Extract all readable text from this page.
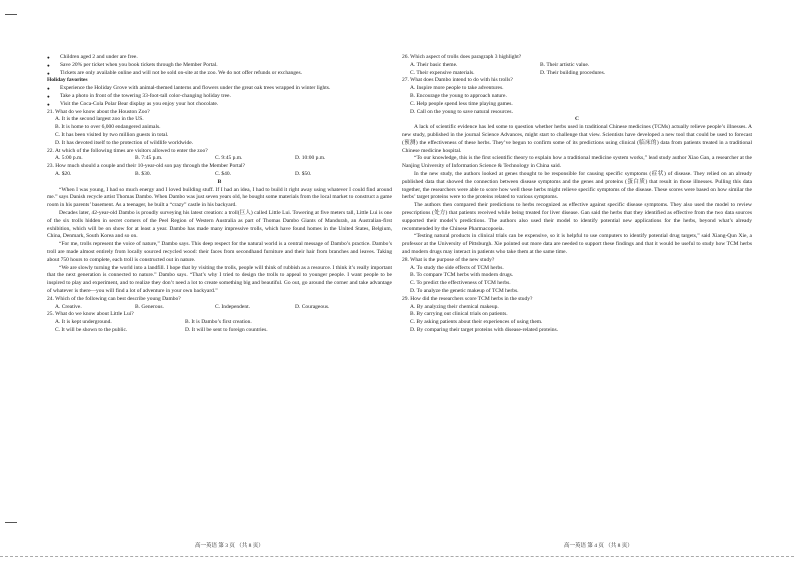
● Children aged 2 and under are free.
● Save 20% per ticket when you book tickets through the Member Portal.
● Tickets are only available online and will not be sold on-site at the zoo. We do not offer refunds or exchanges.
Holiday favorites
● Experience the Holiday Grove with animal-themed lanterns and flowers under the great oak trees wrapped in winter lights.
● Take a photo in front of the towering 33-foot-tall color-changing holiday tree.
● Visit the Coca-Cola Polar Bear display as you enjoy your hot chocolate.
21. What do we know about the Houston Zoo?
A. It is the second largest zoo in the US.
B. It is home to over 6,000 endangered animals.
C. It has been visited by two million guests in total.
D. It has devoted itself to the protection of wildlife worldwide.
22. At which of the following times are visitors allowed to enter the zoo?
A. 5:00 p.m.	B. 7:45 p.m.	C. 9:45 p.m.	D. 10:00 p.m.
23. How much should a couple and their 10-year-old son pay through the Member Portal?
A. $20.	B. $30.	C. $40.	D. $50.
B
“When I was young, I had so much energy and I loved building stuff. If I had an idea, I had to build it right away using whatever I could find around me.” says Danish recycle artist Thomas Dambo. When Dambo was just seven years old, he bought some materials from the local market to construct a game room in his parents’ basement. As a teenager, he built a “crazy” castle in his backyard.
Decades later, 42-year-old Dambo is proudly surveying his latest creation: a troll(巨人) called Little Lui. Towering at five meters tall, Little Lui is one of the six trolls hidden in secret corners of the Peel Region of Western Australia as part of Thomas Dambo Giants of Mandurah, an Australian-first exhibition, which will be on show for at least a year. Dambo has made many impressive trolls, which have found homes in the United States, Belgium, China, Denmark, South Korea and so on.
“For me, trolls represent the voice of nature,” Dambo says. This deep respect for the natural world is a central message of Dambo’s practice. Dambo’s troll are made almost entirely from locally sourced recycled wood: their faces from secondhand furniture and their hair from branches and leaves. Taking about 750 hours to complete, each troll is constructed out in nature.
“We are slowly turning the world into a landfill. I hope that by visiting the trolls, people will think of rubbish as a resource. I think it’s really important that the next generation is connected to nature.” Dambo says. “That’s why I tried to design the trolls to appeal to younger people. I want people to be inspired to play and experiment, and to realize they don’t need a lot to create something big and beautiful. Go out, go around the corner and take advantage of whatever is there—you will find a lot of adventure in your own backyard.”
24. Which of the following can best describe young Dambo?
A. Creative.	B. Generous.	C. Independent.	D. Courageous.
25. What do we know about Little Lui?
A. It is kept underground.	B. It is Dambo’s first creation.
C. It will be shown to the public.	D. It will be sent to foreign countries.
26. Which aspect of trolls does paragraph 3 highlight?
A. Their basic theme.	B. Their artistic value.
C. Their expensive materials.	D. Their building procedures.
27. What does Dambo intend to do with his trolls?
A. Inspire more people to take adventures.
B. Encourage the young to approach nature.
C. Help people spend less time playing games.
D. Call on the young to save natural resources.
C
A lack of scientific evidence has led some to question whether herbs used in traditional Chinese medicines (TCMs) actually relieve people’s illnesses. A new study, published in the journal Science Advances, might start to challenge that view. Scientists have developed a new tool that could be used to forecast (预测) the effectiveness of these herbs. They’ve begun to confirm some of its predictions using clinical (临床的) data from patients treated in a traditional Chinese medicine hospital.
“To our knowledge, this is the first scientific theory to explain how a traditional medicine system works,” lead study author Xiao Gan, a researcher at the Nanjing University of Information Science & Technology in China said.
In the new study, the authors looked at genes thought to be responsible for causing specific symptoms (症状) of disease. They relied on an already published data that showed the connection between disease symptoms and the genes and proteins (蛋白质) that result in those illnesses. Pulling this data together, the researchers were able to score how well these herbs might relieve specific symptoms of the disease. These scores were based on how similar the herbs’ target proteins were to the proteins related to various symptoms.
The authors then compared their predictions to herbs recognized as effective against specific disease symptoms. They also used the model to review prescriptions (处方) that patients received while being treated for liver disease. Gan said the herbs that they identified as effective from the two data sources supported their model’s predictions. The authors also used their model to identify potential new applications for the herbs, beyond what’s already recommended by the Chinese Pharmacopoeia.
“Testing natural products in clinical trials can be expensive, so it is helpful to use computers to identify potential drug targets,” said Xiang-Qun Xie, a professor at the University of Pittsburgh. Xie pointed out more data are needed to support these findings and that it would be useful to study how TCM herbs and modern drugs may interact in patients who take them at the same time.
28. What is the purpose of the new study?
A. To study the side effects of TCM herbs.
B. To compare TCM herbs with modern drugs.
C. To predict the effectiveness of TCM herbs.
D. To analyze the genetic makeup of TCM herbs.
29. How did the researchers score TCM herbs in the study?
A. By analyzing their chemical makeup.
B. By carrying out clinical trials on patients.
C. By asking patients about their experiences of using them.
D. By comparing their target proteins with disease-related proteins.
高一英语 第 3 页 （共 8 页）	高一英语 第 4 页 （共 8 页）
